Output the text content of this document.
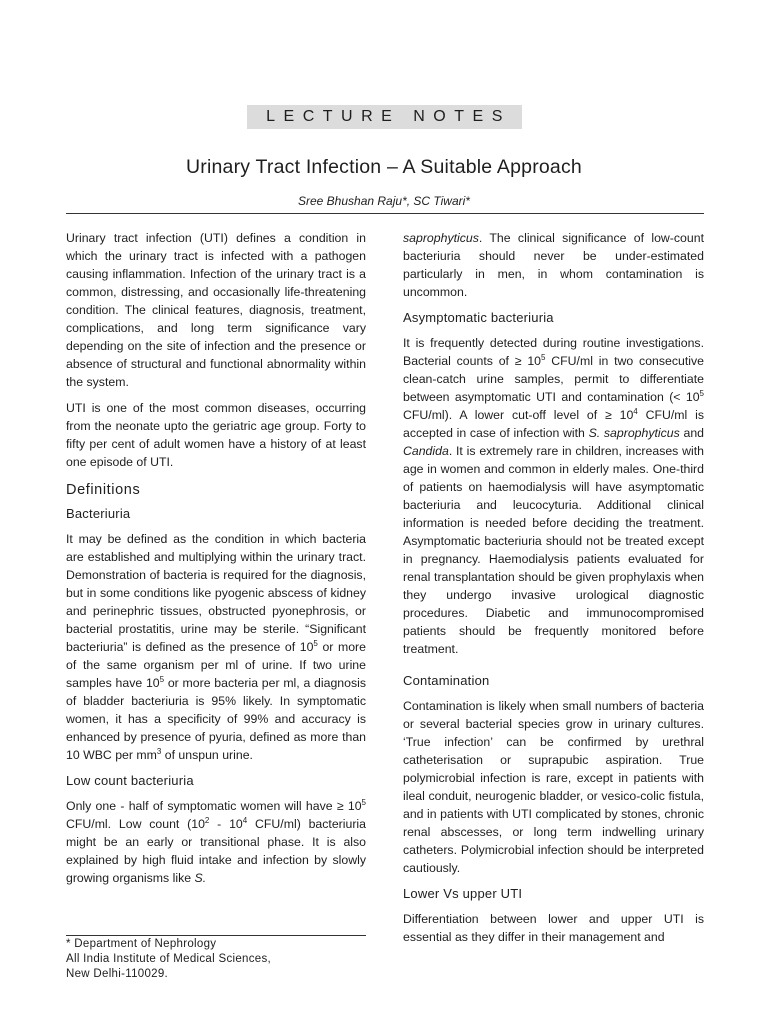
LECTURE NOTES
Urinary Tract Infection – A Suitable Approach
Sree Bhushan Raju*, SC Tiwari*

Urinary tract infection (UTI) defines a condition in which the urinary tract is infected with a pathogen causing inflammation. Infection of the urinary tract is a common, distressing, and occasionally life-threatening condition. The clinical features, diagnosis, treatment, complications, and long term significance vary depending on the site of infection and the presence or absence of structural and functional abnormality within the system.

UTI is one of the most common diseases, occurring from the neonate upto the geriatric age group. Forty to fifty per cent of adult women have a history of at least one episode of UTI.

Definitions
Bacteriuria

It may be defined as the condition in which bacteria are established and multiplying within the urinary tract. Demonstration of bacteria is required for the diagnosis, but in some conditions like pyogenic abscess of kidney and perinephric tissues, obstructed pyonephrosis, or bacterial prostatitis, urine may be sterile. “Significant bacteriuria” is defined as the presence of $10^5$ or more of the same organism per ml of urine. If two urine samples have $10^5$ or more bacteria per ml, a diagnosis of bladder bacteriuria is 95% likely. In symptomatic women, it has a specificity of 99% and accuracy is enhanced by presence of pyuria, defined as more than 10 WBC per $mm^3$ of unspun urine.

Low count bacteriuria

Only one - half of symptomatic women will have ≥ $10^5$ CFU/ml. Low count ($10^2 - 10^4$ CFU/ml) bacteriuria might be an early or transitional phase. It is also explained by high fluid intake and infection by slowly growing organisms like S.

* Department of Nephrology
All India Institute of Medical Sciences,
New Delhi-110029.

saprophyticus. The clinical significance of low-count bacteriuria should never be under-estimated particularly in men, in whom contamination is uncommon.

Asymptomatic bacteriuria

It is frequently detected during routine investigations. Bacterial counts of ≥ $10^5$ CFU/ml in two consecutive clean-catch urine samples, permit to differentiate between asymptomatic UTI and contamination (< $10^5$ CFU/ml). A lower cut-off level of ≥ $10^4$ CFU/ml is accepted in case of infection with S. saprophyticus and Candida. It is extremely rare in children, increases with age in women and common in elderly males. One-third of patients on haemodialysis will have asymptomatic bacteriuria and leucocyturia. Additional clinical information is needed before deciding the treatment. Asymptomatic bacteriuria should not be treated except in pregnancy. Haemodialysis patients evaluated for renal transplantation should be given prophylaxis when they undergo invasive urological diagnostic procedures. Diabetic and immunocompromised patients should be frequently monitored before treatment.

Contamination

Contamination is likely when small numbers of bacteria or several bacterial species grow in urinary cultures. ‘True infection’ can be confirmed by urethral catheterisation or suprapubic aspiration. True polymicrobial infection is rare, except in patients with ileal conduit, neurogenic bladder, or vesico-colic fistula, and in patients with UTI complicated by stones, chronic renal abscesses, or long term indwelling urinary catheters. Polymicrobial infection should be interpreted cautiously.

Lower Vs upper UTI

Differentiation between lower and upper UTI is essential as they differ in their management and
